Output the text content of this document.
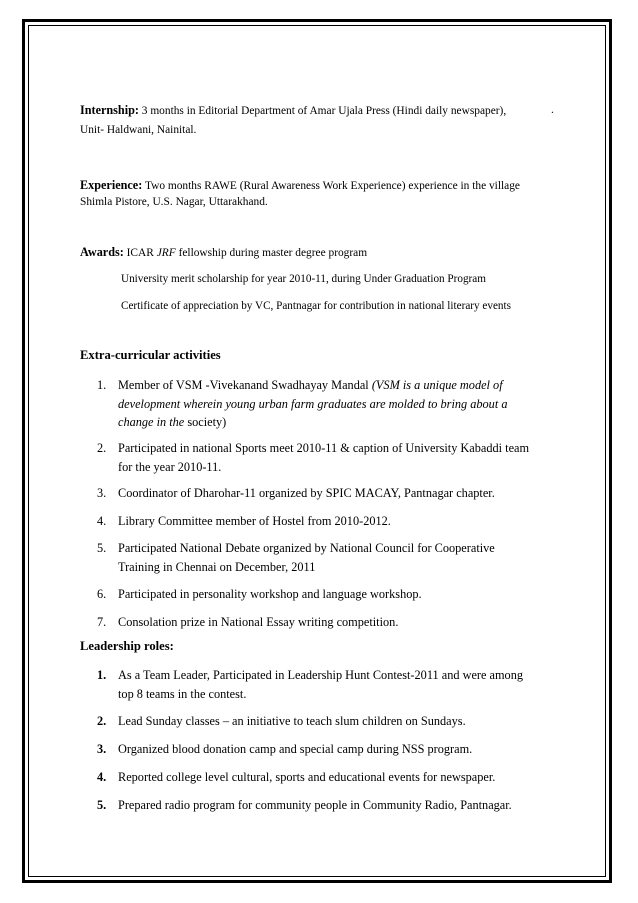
Internship: 3 months in Editorial Department of Amar Ujala Press (Hindi daily newspaper),	.
Unit- Haldwani, Nainital.
Experience: Two months RAWE (Rural Awareness Work Experience) experience in the village
Shimla Pistore, U.S. Nagar, Uttarakhand.
Awards: ICAR JRF fellowship during master degree program
University merit scholarship for year 2010-11, during Under Graduation Program
Certificate of appreciation by VC, Pantnagar for contribution in national literary events
Extra-curricular activities
1. Member of VSM -Vivekanand Swadhayay Mandal (VSM is a unique model of
development wherein young urban farm graduates are molded to bring about a
change in the society)
2. Participated in national Sports meet 2010-11 & caption of University Kabaddi team
for the year 2010-11.
3. Coordinator of Dharohar-11 organized by SPIC MACAY, Pantnagar chapter.
4. Library Committee member of Hostel from 2010-2012.
5. Participated National Debate organized by National Council for Cooperative
Training in Chennai on December, 2011
6. Participated in personality workshop and language workshop.
7. Consolation prize in National Essay writing competition.
Leadership roles:
1. As a Team Leader, Participated in Leadership Hunt Contest-2011 and were among
top 8 teams in the contest.
2. Lead Sunday classes – an initiative to teach slum children on Sundays.
3. Organized blood donation camp and special camp during NSS program.
4. Reported college level cultural, sports and educational events for newspaper.
5. Prepared radio program for community people in Community Radio, Pantnagar.
